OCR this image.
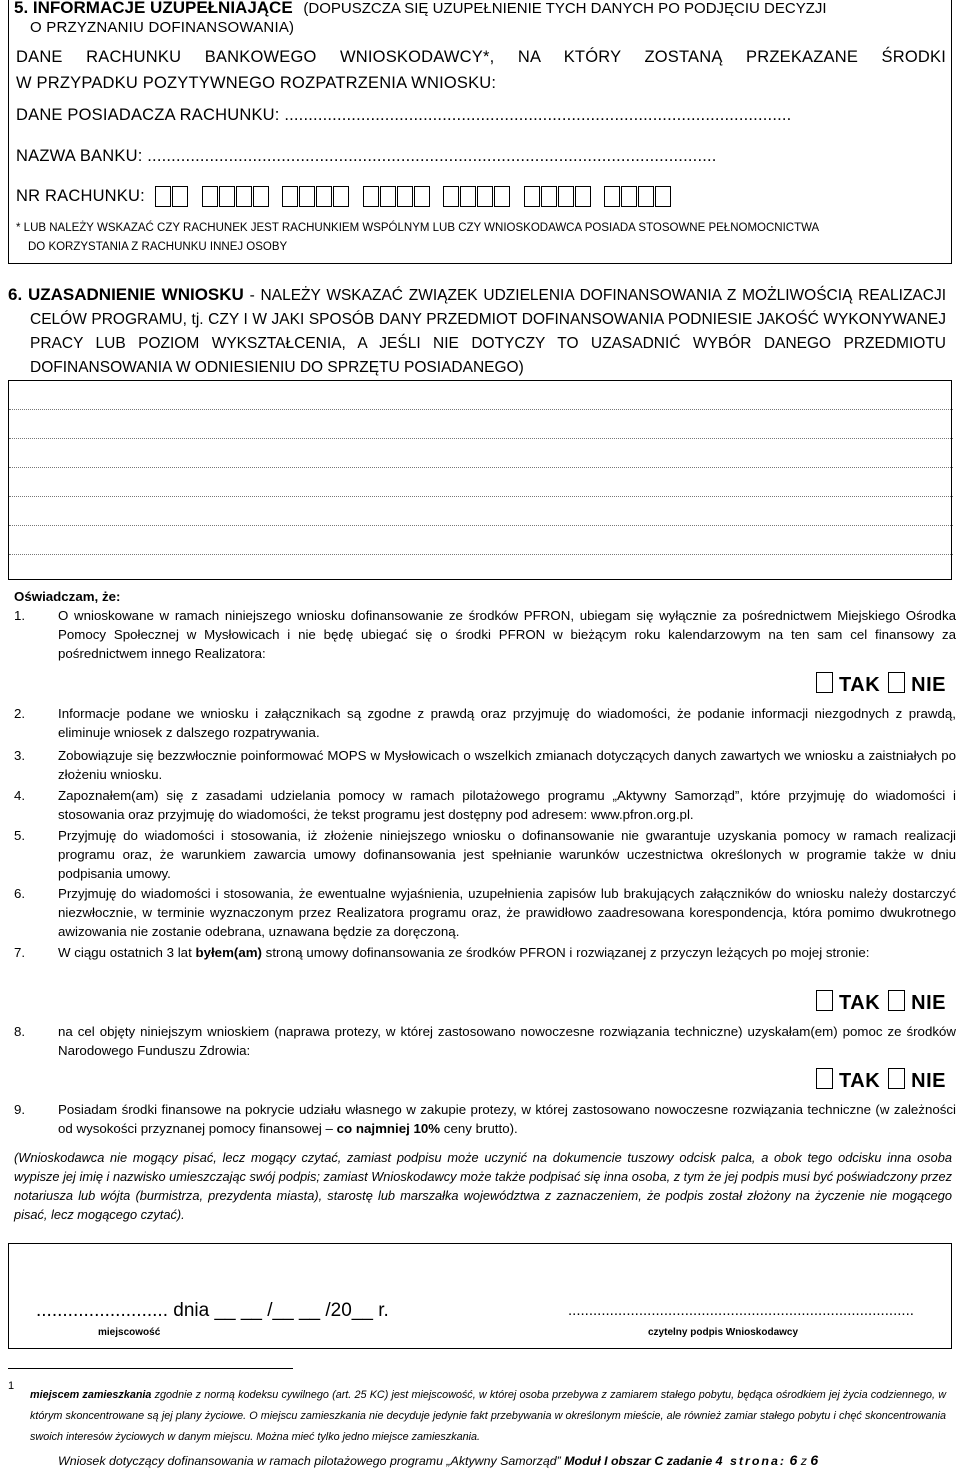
5. INFORMACJE UZUPEŁNIAJĄCE (DOPUSZCZA SIĘ UZUPEŁNIENIE TYCH DANYCH PO PODJĘCIU DECYZJI
O PRZYZNANIU DOFINANSOWANIA)
DANE RACHUNKU BANKOWEGO WNIOSKODAWCY*, NA KTÓRY ZOSTANĄ PRZEKAZANE ŚRODKI
W PRZYPADKU POZYTYWNEGO ROZPATRZENIA WNIOSKU:
DANE POSIADACZA RACHUNKU: ..........................................................................................................
NAZWA BANKU: .......................................................................................................................
NR RACHUNKU:
* LUB NALEŻY WSKAZAĆ CZY RACHUNEK JEST RACHUNKIEM WSPÓLNYM LUB CZY WNIOSKODAWCA POSIADA STOSOWNE PEŁNOMOCNICTWA
DO KORZYSTANIA Z RACHUNKU INNEJ OSOBY
6. UZASADNIENIE WNIOSKU - NALEŻY WSKAZAĆ ZWIĄZEK UDZIELENIA DOFINANSOWANIA Z MOŻLIWOŚCIĄ REALIZACJI CELÓW PROGRAMU, tj. CZY I W JAKI SPOSÓB DANY PRZEDMIOT DOFINANSOWANIA PODNIESIE JAKOŚĆ WYKONYWANEJ PRACY LUB POZIOM WYKSZTAŁCENIA, A JEŚLI NIE DOTYCZY TO UZASADNIĆ WYBÓR DANEGO PRZEDMIOTU DOFINANSOWANIA W ODNIESIENIU DO SPRZĘTU POSIADANEGO)
Oświadczam, że:
1. O wnioskowane w ramach niniejszego wniosku dofinansowanie ze środków PFRON, ubiegam się wyłącznie za pośrednictwem Miejskiego Ośrodka Pomocy Społecznej w Mysłowicach i nie będę ubiegać się o środki PFRON w bieżącym roku kalendarzowym na ten sam cel finansowy za pośrednictwem innego Realizatora:
TAK NIE
2. Informacje podane we wniosku i załącznikach są zgodne z prawdą oraz przyjmuję do wiadomości, że podanie informacji niezgodnych z prawdą, eliminuje wniosek z dalszego rozpatrywania.
3. Zobowiązuje się bezzwłocznie poinformować MOPS w Mysłowicach o wszelkich zmianach dotyczących danych zawartych we wniosku a zaistniałych po złożeniu wniosku.
4. Zapoznałem(am) się z zasadami udzielania pomocy w ramach pilotażowego programu „Aktywny Samorząd”, które przyjmuję do wiadomości i stosowania oraz przyjmuję do wiadomości, że tekst programu jest dostępny pod adresem: www.pfron.org.pl.
5. Przyjmuję do wiadomości i stosowania, iż złożenie niniejszego wniosku o dofinansowanie nie gwarantuje uzyskania pomocy w ramach realizacji programu oraz, że warunkiem zawarcia umowy dofinansowania jest spełnianie warunków uczestnictwa określonych w programie także w dniu podpisania umowy.
6. Przyjmuję do wiadomości i stosowania, że ewentualne wyjaśnienia, uzupełnienia zapisów lub brakujących załączników do wniosku należy dostarczyć niezwłocznie, w terminie wyznaczonym przez Realizatora programu oraz, że prawidłowo zaadresowana korespondencja, która pomimo dwukrotnego awizowania nie zostanie odebrana, uznawana będzie za doręczoną.
7. W ciągu ostatnich 3 lat byłem(am) stroną umowy dofinansowania ze środków PFRON i rozwiązanej z przyczyn leżących po mojej stronie:
TAK NIE
8. na cel objęty niniejszym wnioskiem (naprawa protezy, w której zastosowano nowoczesne rozwiązania techniczne) uzyskałam(em) pomoc ze środków Narodowego Funduszu Zdrowia:
TAK NIE
9. Posiadam środki finansowe na pokrycie udziału własnego w zakupie protezy, w której zastosowano nowoczesne rozwiązania techniczne (w zależności od wysokości przyznanej pomocy finansowej – co najmniej 10% ceny brutto).
(Wnioskodawca nie mogący pisać, lecz mogący czytać, zamiast podpisu może uczynić na dokumencie tuszowy odcisk palca, a obok tego odcisku inna osoba wypisze jej imię i nazwisko umieszczając swój podpis; zamiast Wnioskodawcy może także podpisać się inna osoba, z tym że jej podpis musi być poświadczony przez notariusza lub wójta (burmistrza, prezydenta miasta), starostę lub marszałka województwa z zaznaczeniem, że podpis został złożony na życzenie nie mogącego pisać, lecz mogącego czytać).
......................... dnia __ __ /__ __ /20__ r.
miejscowość
...................................................................................
czytelny podpis Wnioskodawcy
1
miejscem zamieszkania zgodnie z normą kodeksu cywilnego (art. 25 KC) jest miejscowość, w której osoba przebywa z zamiarem stałego pobytu, będąca ośrodkiem jej życia codziennego, w którym skoncentrowane są jej plany życiowe. O miejscu zamieszkania nie decyduje jedynie fakt przebywania w określonym mieście, ale również zamiar stałego pobytu i chęć skoncentrowania swoich interesów życiowych w danym miejscu. Można mieć tylko jedno miejsce zamieszkania.
Wniosek dotyczący dofinansowania w ramach pilotażowego programu „Aktywny Samorząd” Moduł I obszar C zadanie 4 strona: 6 z 6
